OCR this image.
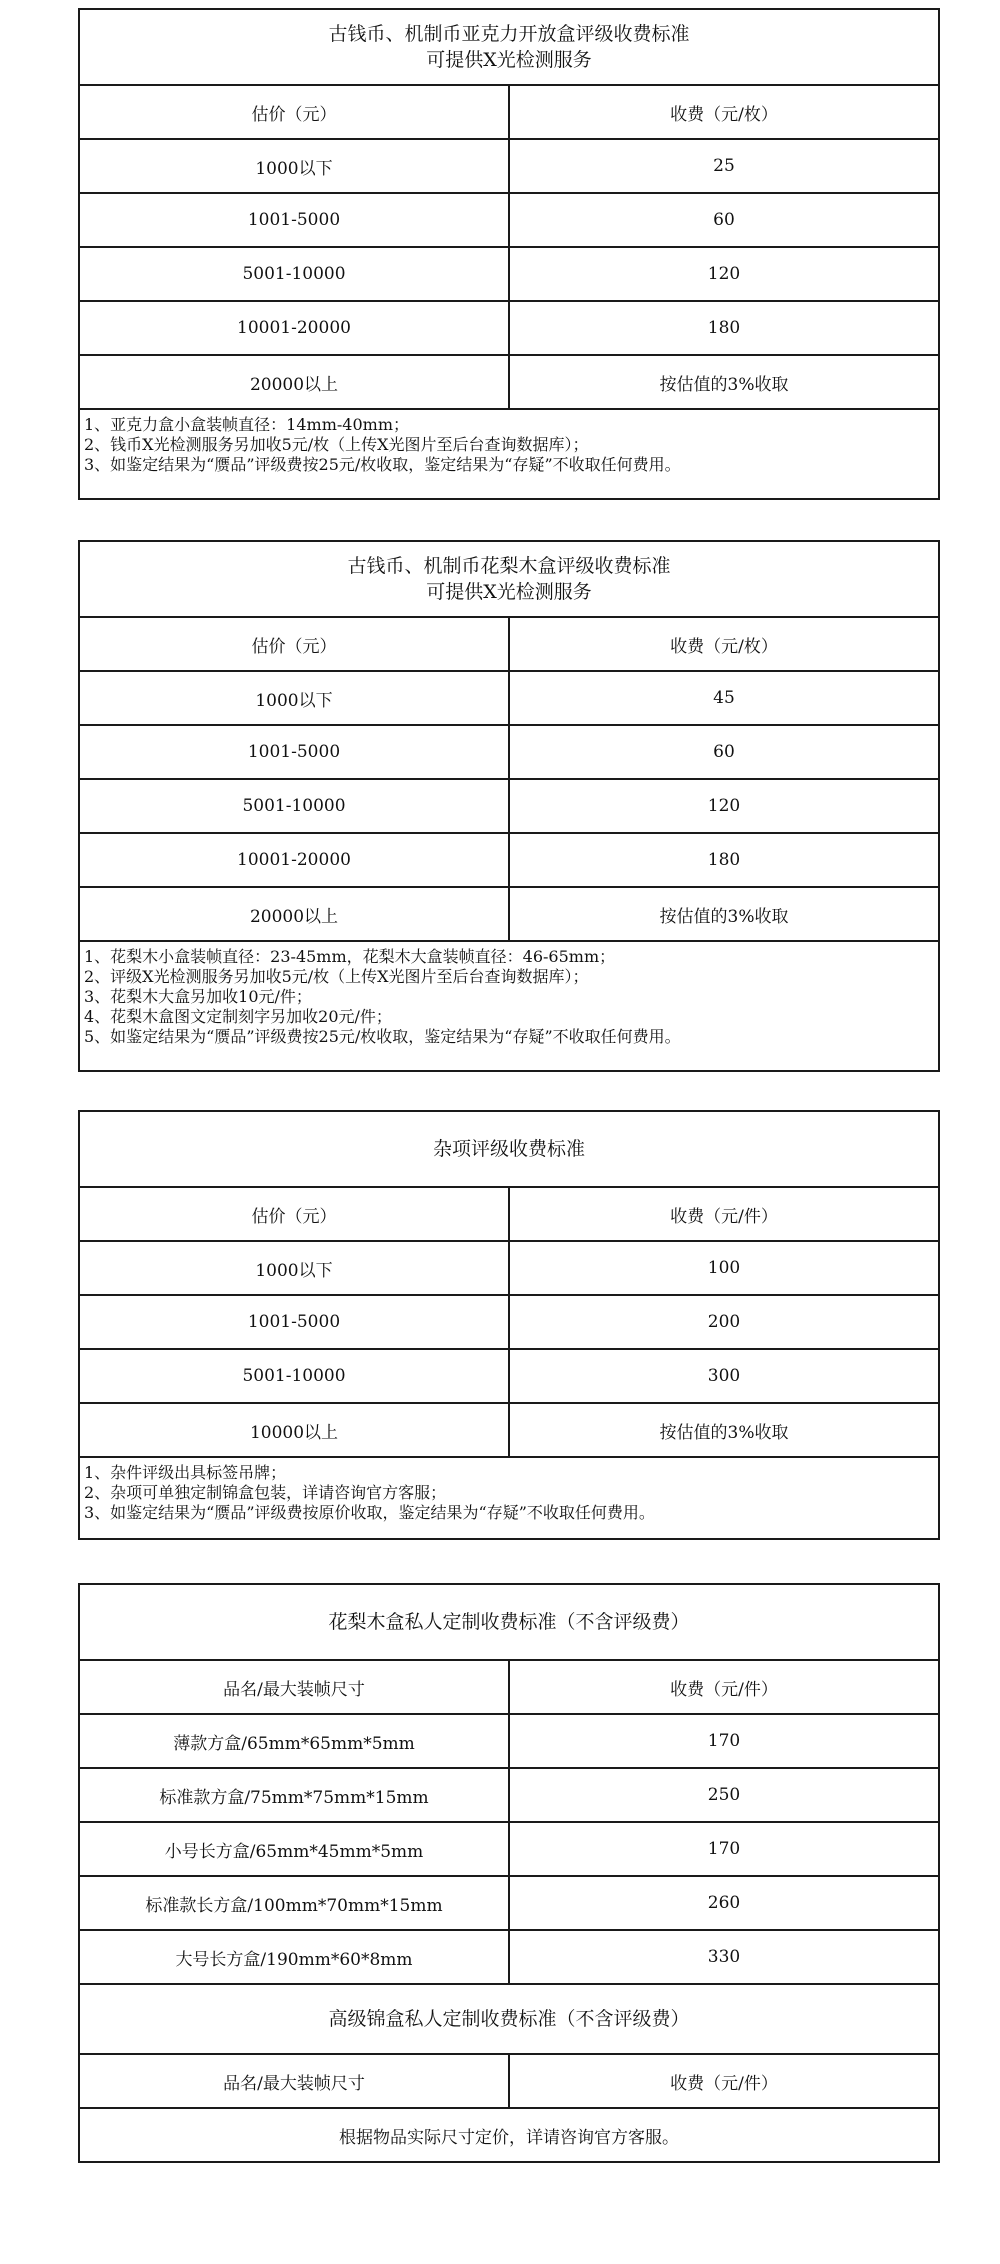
古钱币、机制币亚克力开放盒评级收费标准
可提供X光检测服务
估价（元）	收费（元/枚）
1000以下	25
1001-5000	60
5001-10000	120
10001-20000	180
20000以上	按估值的3%收取
1、亚克力盒小盒装帧直径：14mm-40mm；
2、钱币X光检测服务另加收5元/枚（上传X光图片至后台查询数据库）；
3、如鉴定结果为“赝品”评级费按25元/枚收取，鉴定结果为“存疑”不收取任何费用。
古钱币、机制币花梨木盒评级收费标准
可提供X光检测服务
估价（元）	收费（元/枚）
1000以下	45
1001-5000	60
5001-10000	120
10001-20000	180
20000以上	按估值的3%收取
1、花梨木小盒装帧直径：23-45mm，花梨木大盒装帧直径：46-65mm；
2、评级X光检测服务另加收5元/枚（上传X光图片至后台查询数据库）；
3、花梨木大盒另加收10元/件；
4、花梨木盒图文定制刻字另加收20元/件；
5、如鉴定结果为“赝品”评级费按25元/枚收取，鉴定结果为“存疑”不收取任何费用。
杂项评级收费标准
估价（元）	收费（元/件）
1000以下	100
1001-5000	200
5001-10000	300
10000以上	按估值的3%收取
1、杂件评级出具标签吊牌；
2、杂项可单独定制锦盒包装，详请咨询官方客服；
3、如鉴定结果为“赝品”评级费按原价收取，鉴定结果为“存疑”不收取任何费用。
花梨木盒私人定制收费标准（不含评级费）
品名/最大装帧尺寸	收费（元/件）
薄款方盒/65mm*65mm*5mm	170
标准款方盒/75mm*75mm*15mm	250
小号长方盒/65mm*45mm*5mm	170
标准款长方盒/100mm*70mm*15mm	260
大号长方盒/190mm*60*8mm	330
高级锦盒私人定制收费标准（不含评级费）
品名/最大装帧尺寸	收费（元/件）
根据物品实际尺寸定价，详请咨询官方客服。
